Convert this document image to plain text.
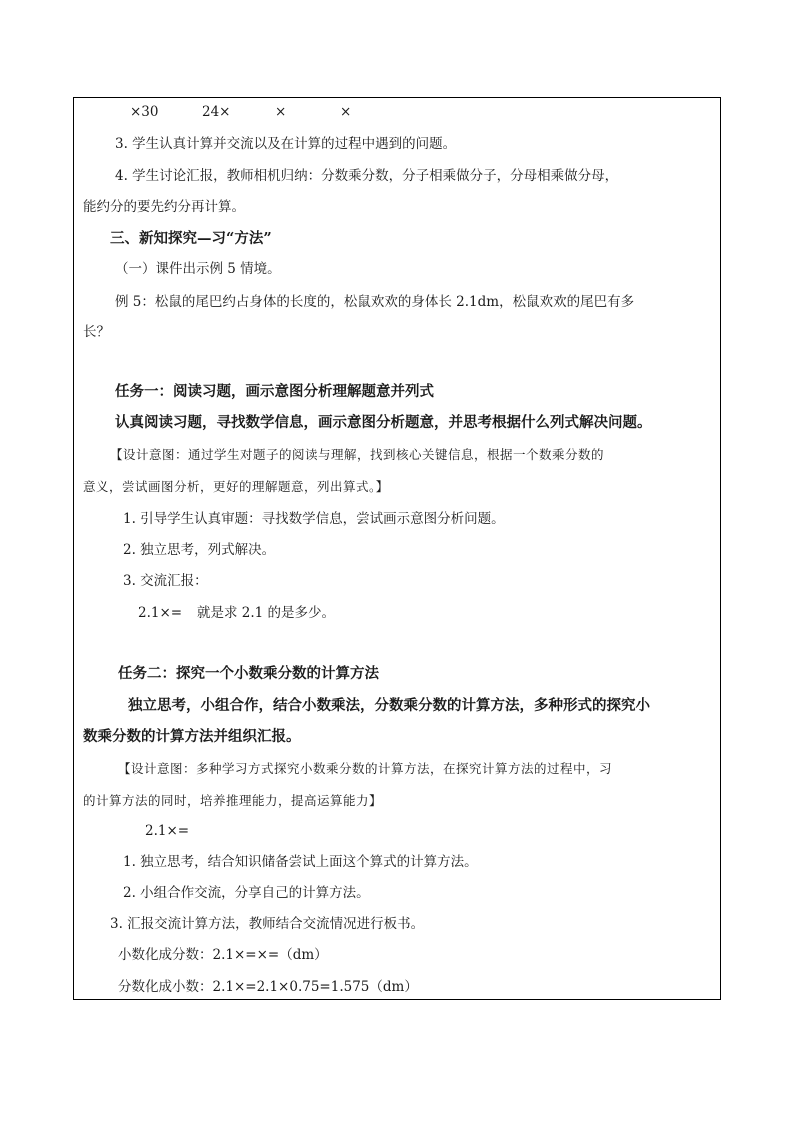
×30	24×	×	×
3. 学生认真计算并交流以及在计算的过程中遇到的问题。
4. 学生讨论汇报，教师相机归纳：分数乘分数，分子相乘做分子，分母相乘做分母，
能约分的要先约分再计算。
三、新知探究—习“方法”
（一）课件出示例 5 情境。
例 5：松鼠的尾巴约占身体的长度的，松鼠欢欢的身体长 2.1dm，松鼠欢欢的尾巴有多
长？
任务一：阅读习题，画示意图分析理解题意并列式
认真阅读习题，寻找数学信息，画示意图分析题意，并思考根据什么列式解决问题。
【设计意图：通过学生对题子的阅读与理解，找到核心关键信息，根据一个数乘分数的
意义，尝试画图分析，更好的理解题意，列出算式。】
1. 引导学生认真审题：寻找数学信息，尝试画示意图分析问题。
2. 独立思考，列式解决。
3. 交流汇报：
2.1×= 就是求 2.1 的是多少。
任务二：探究一个小数乘分数的计算方法
独立思考，小组合作，结合小数乘法，分数乘分数的计算方法，多种形式的探究小
数乘分数的计算方法并组织汇报。
【设计意图：多种学习方式探究小数乘分数的计算方法，在探究计算方法的过程中，习
的计算方法的同时，培养推理能力，提高运算能力】
2.1×=
1. 独立思考，结合知识储备尝试上面这个算式的计算方法。
2. 小组合作交流，分享自己的计算方法。
3. 汇报交流计算方法，教师结合交流情况进行板书。
小数化成分数：2.1×=×=（dm）
分数化成小数：2.1×=2.1×0.75=1.575（dm）
